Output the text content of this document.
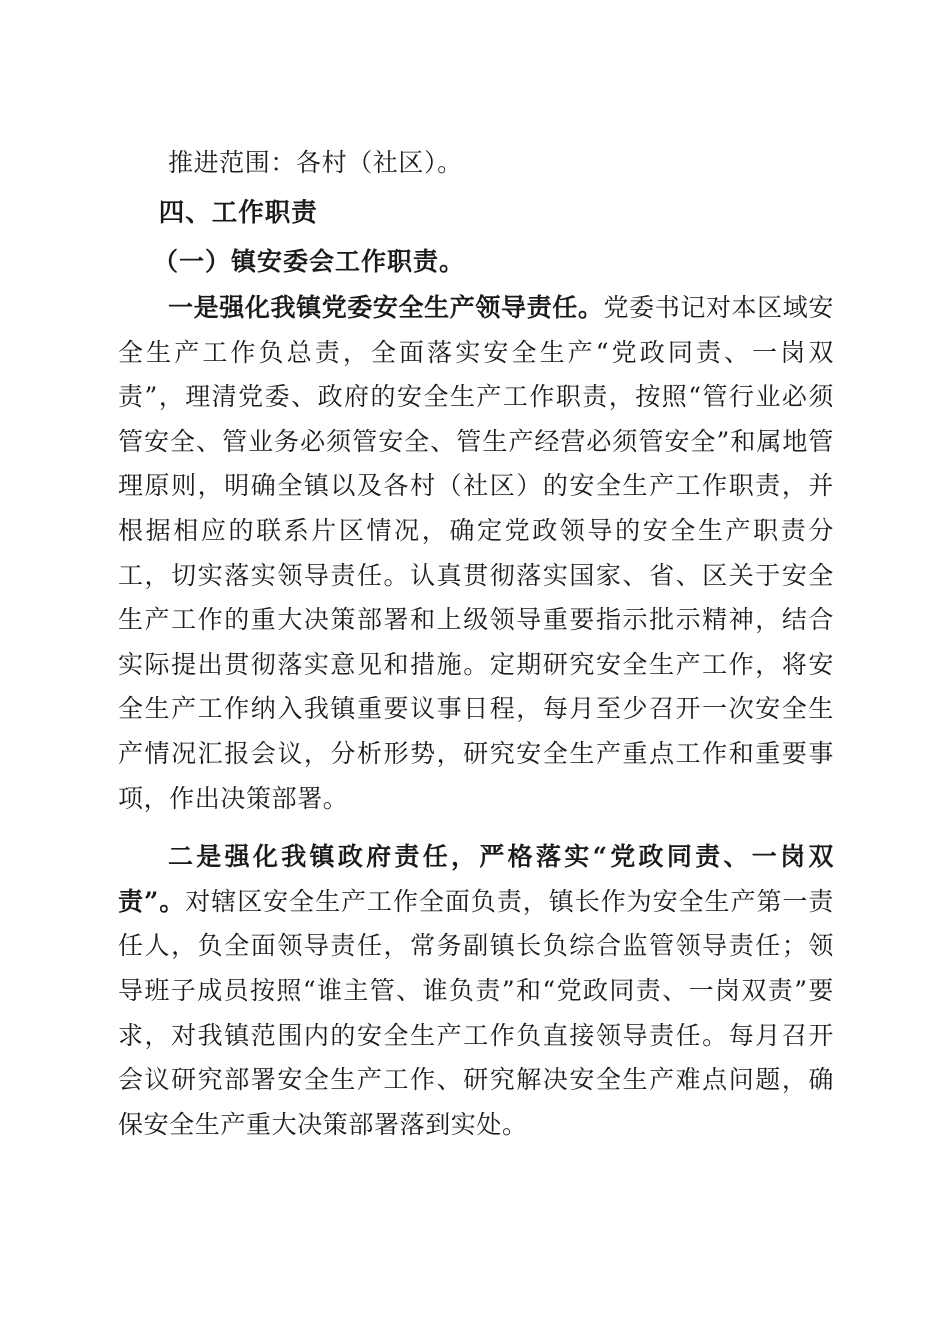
推进范围：各村（社区）。

四、工作职责
（一）镇安委会工作职责。

一是强化我镇党委安全生产领导责任。党委书记对本区域安全生产工作负总责，全面落实安全生产“党政同责、一岗双责”，理清党委、政府的安全生产工作职责，按照“管行业必须管安全、管业务必须管安全、管生产经营必须管安全”和属地管理原则，明确全镇以及各村（社区）的安全生产工作职责，并根据相应的联系片区情况，确定党政领导的安全生产职责分工，切实落实领导责任。认真贯彻落实国家、省、区关于安全生产工作的重大决策部署和上级领导重要指示批示精神，结合实际提出贯彻落实意见和措施。定期研究安全生产工作，将安全生产工作纳入我镇重要议事日程，每月至少召开一次安全生产情况汇报会议，分析形势，研究安全生产重点工作和重要事项，作出决策部署。

二是强化我镇政府责任，严格落实“党政同责、一岗双责”。对辖区安全生产工作全面负责，镇长作为安全生产第一责任人，负全面领导责任，常务副镇长负综合监管领导责任；领导班子成员按照“谁主管、谁负责”和“党政同责、一岗双责”要求，对我镇范围内的安全生产工作负直接领导责任。每月召开会议研究部署安全生产工作、研究解决安全生产难点问题，确保安全生产重大决策部署落到实处。
